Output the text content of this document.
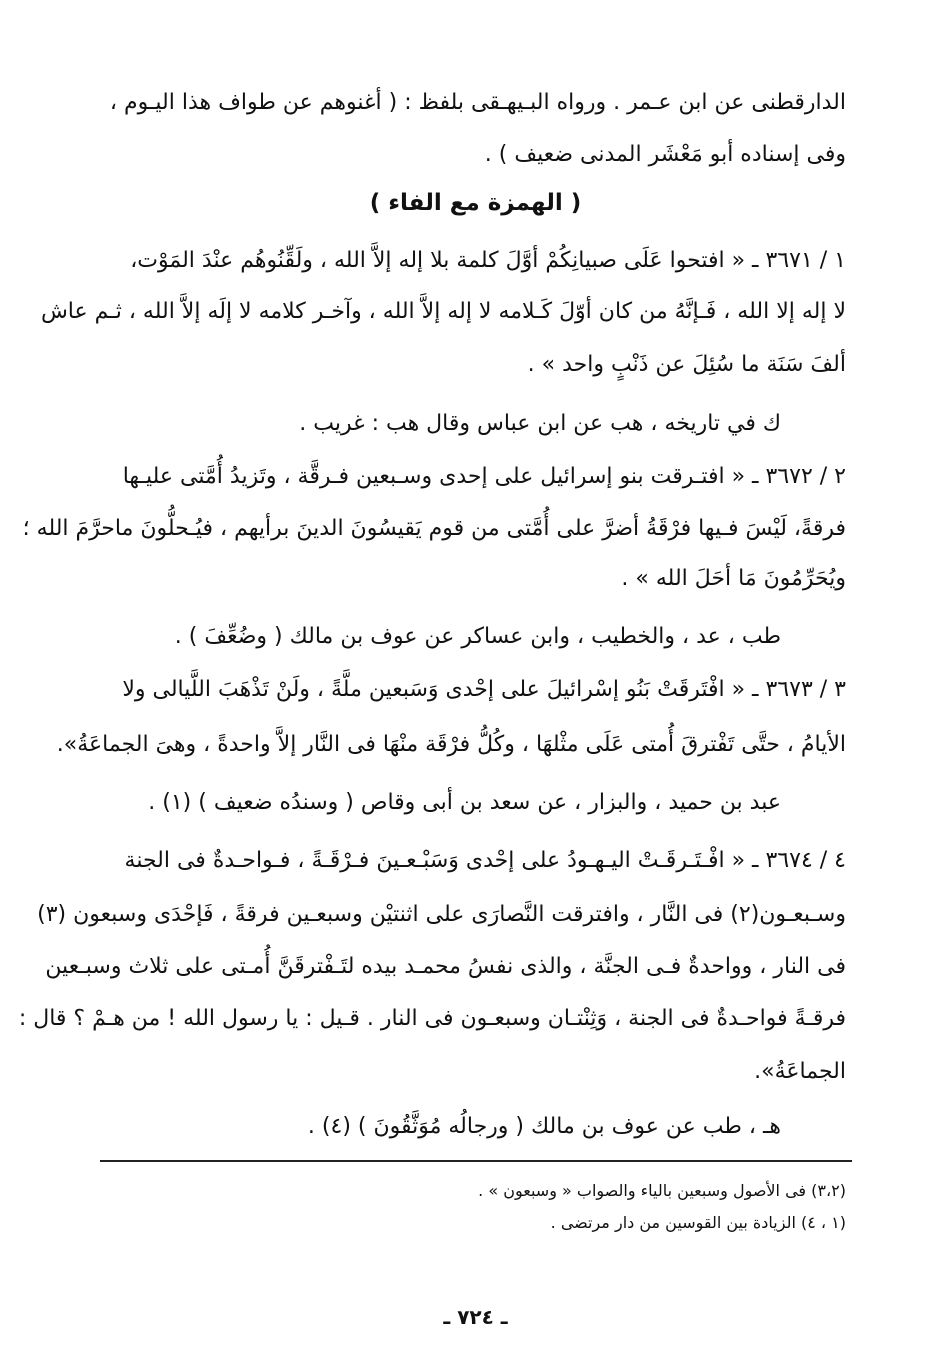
الدارقطنى عن ابن عـمر . ورواه البـيهـقى بلفظ : ( أغنوهم عن طواف هذا اليـوم ،
وفى إسناده أبو مَعْشَر المدنى ضعيف ) .
( الهمزة مع الفاء )
١ / ٣٦٧١ ـ « افتحوا عَلَى صبيانِكُمْ أوَّلَ كلمة بلا إله إلاَّ الله ، ولَقِّنُوهُم عنْدَ المَوْت،
لا إله إلا الله ، فَـإنَّهُ من كان أوّلَ كَـلامه لا إله إلاَّ الله ، وآخـر كلامه لا إلَه إلاَّ الله ، ثـم عاش
ألفَ سَنَة ما سُئِلَ عن ذَنْبٍ واحد » .
ك في تاريخه ، هب عن ابن عباس وقال هب : غريب .
٢ / ٣٦٧٢ ـ « افتـرقت بنو إسرائيل على إحدى وسـبعين فـرقَّة ، وتَزيدُ أُمَّتى عليـها
فرقةً، لَيْسَ فـيها فرْقَةُ أضرَّ على أُمَّتى من قوم يَقيسُونَ الدينَ برأيهم ، فيُـحلُّونَ ماحرَّمَ الله ؛
ويُحَرِّمُونَ مَا أحَلَ الله » .
طب ، عد ، والخطيب ، وابن عساكر عن عوف بن مالك ( وضُعِّفَ ) .
٣ / ٣٦٧٣ ـ « افْتَرقَتْ بَنُو إسْرائيلَ على إحْدى وَسَبعين ملَّةً ، ولَنْ تَذْهَبَ اللَّيالى ولا
الأيامُ ، حتَّى تَفْترقَ أُمتى عَلَى مثْلهَا ، وكُلُّ فرْقَة منْهَا فى النَّار إلاَّ واحدةً ، وهىَ الجماعَةُ».
عبد بن حميد ، والبزار ، عن سعد بن أبى وقاص ( وسندُه ضعيف ) (١) .
٤ / ٣٦٧٤ ـ « افْـتَـرقَـتْ اليـهـودُ على إحْدى وَسَبْـعـينَ فـرْقَـةً ، فـواحـدةٌ فى الجنة
وسـبعـون(٢) فى النَّار ، وافترقت النَّصارَى على اثنتيْن وسبعـين فرقةً ، فَإحْدَى وسبعون (٣)
فى النار ، وواحدةٌ فـى الجنَّة ، والذى نفسُ محمـد بيده لتَـفْترقَنَّ أُمـتى على ثلاث وسبـعين
فرقـةً فواحـدةٌ فى الجنة ، وَثِنْتـان وسبعـون فى النار . قـيل : يا رسول الله ! من هـمْ ؟ قال :
الجماعَةُ».
هـ ، طب عن عوف بن مالك ( ورجالُه مُوَثَّقُونَ ) (٤) .
(٣،٢) فى الأصول وسبعين بالياء والصواب « وسبعون » .
(١ ، ٤) الزيادة بين القوسين من دار مرتضى .
ـ ٧٢٤ ـ
